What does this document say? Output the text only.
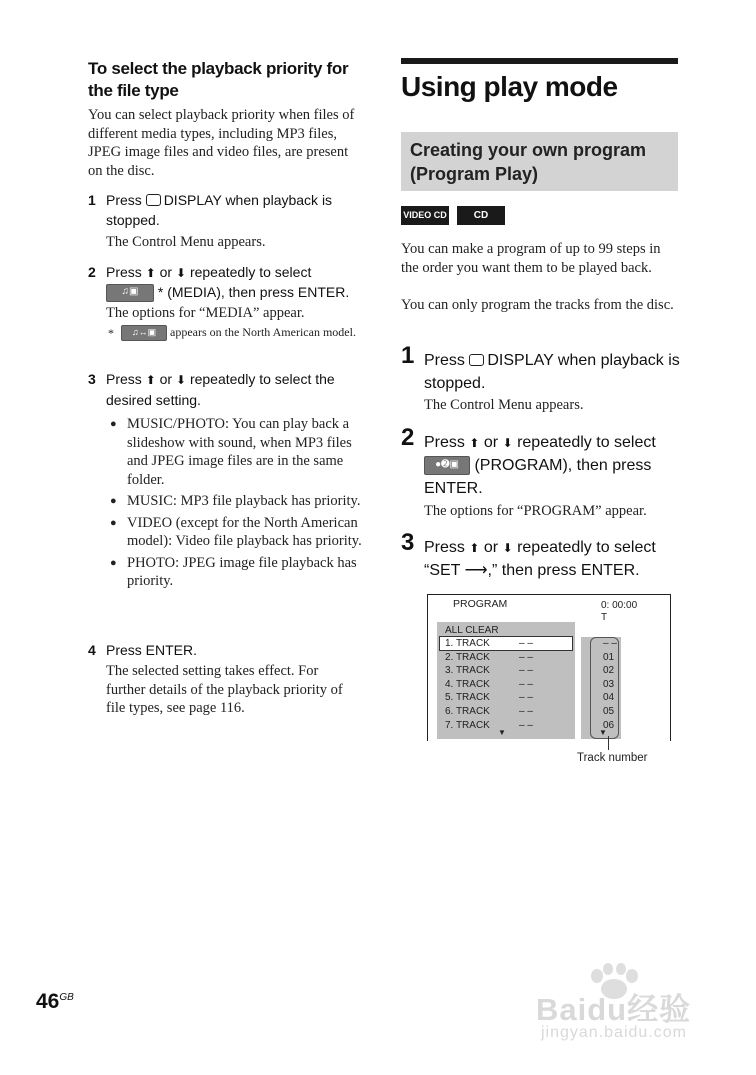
To select the playback priority for the file type
You can select playback priority when files of different media types, including MP3 files, JPEG image files and video files, are present on the disc.
1 Press DISPLAY when playback is stopped.
The Control Menu appears.
2 Press ⬆ or ⬇ repeatedly to select
♫▣ * (MEDIA), then press ENTER.
The options for “MEDIA” appear.
*	♫↔▣ appears on the North American model.
3 Press ⬆ or ⬇ repeatedly to select the desired setting.
● MUSIC/PHOTO: You can play back a slideshow with sound, when MP3 files and JPEG image files are in the same folder.
● MUSIC: MP3 file playback has priority.
● VIDEO (except for the North American model): Video file playback has priority.
● PHOTO: JPEG image file playback has priority.
4 Press ENTER.
The selected setting takes effect. For further details of the playback priority of file types, see page 116.
Using play mode
Creating your own program (Program Play)
VIDEO CD	CD
You can make a program of up to 99 steps in the order you want them to be played back.
You can only program the tracks from the disc.
1 Press DISPLAY when playback is stopped.
The Control Menu appears.
2 Press ⬆ or ⬇ repeatedly to select
●➋▣ (PROGRAM), then press ENTER.
The options for “PROGRAM” appear.
3 Press ⬆ or ⬇ repeatedly to select
“SET ⟶,” then press ENTER.
PROGRAM	0: 00:00
T
ALL CLEAR
1. TRACK	– –
2. TRACK	– –
3. TRACK	– –
4. TRACK	– –
5. TRACK	– –
6. TRACK	– –
7. TRACK	– –
– –
01
02
03
04
05
06
▼	▼
Track number
$46^{GB}$	Baidu经验
jingyan.baidu.com
